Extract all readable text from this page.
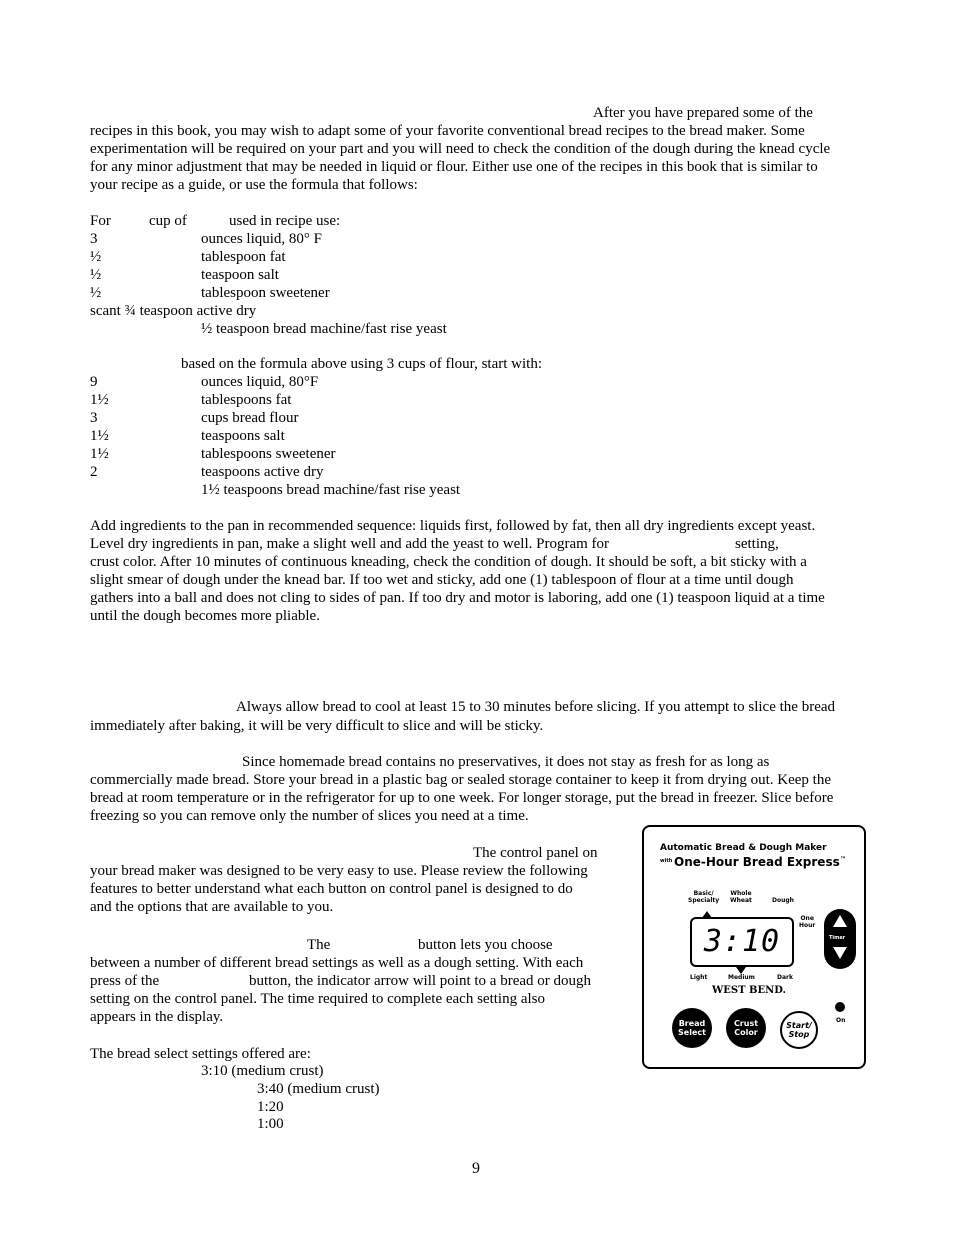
After you have prepared some of the
recipes in this book, you may wish to adapt some of your favorite conventional bread recipes to the bread maker. Some
experimentation will be required on your part and you will need to check the condition of the dough during the knead cycle
for any minor adjustment that may be needed in liquid or flour. Either use one of the recipes in this book that is similar to
your recipe as a guide, or use the formula that follows:
For	cup of	used in recipe use:
3	ounces liquid, 80° F
½	tablespoon fat
½	teaspoon salt
½	tablespoon sweetener
scant ¾ teaspoon active dry
½ teaspoon bread machine/fast rise yeast
based on the formula above using 3 cups of flour, start with:
9	ounces liquid, 80°F
1½	tablespoons fat
3	cups bread flour
1½	teaspoons salt
1½	tablespoons sweetener
2	teaspoons active dry
1½ teaspoons bread machine/fast rise yeast
Add ingredients to the pan in recommended sequence: liquids first, followed by fat, then all dry ingredients except yeast.
Level dry ingredients in pan, make a slight well and add the yeast to well. Program for	setting,
crust color. After 10 minutes of continuous kneading, check the condition of dough. It should be soft, a bit sticky with a
slight smear of dough under the knead bar. If too wet and sticky, add one (1) tablespoon of flour at a time until dough
gathers into a ball and does not cling to sides of pan. If too dry and motor is laboring, add one (1) teaspoon liquid at a time
until the dough becomes more pliable.
Always allow bread to cool at least 15 to 30 minutes before slicing. If you attempt to slice the bread
immediately after baking, it will be very difficult to slice and will be sticky.
Since homemade bread contains no preservatives, it does not stay as fresh for as long as
commercially made bread. Store your bread in a plastic bag or sealed storage container to keep it from drying out. Keep the
bread at room temperature or in the refrigerator for up to one week. For longer storage, put the bread in freezer. Slice before
freezing so you can remove only the number of slices you need at a time.
The control panel on
your bread maker was designed to be very easy to use. Please review the following
features to better understand what each button on control panel is designed to do
and the options that are available to you.
The	button lets you choose
between a number of different bread settings as well as a dough setting. With each
press of the	button, the indicator arrow will point to a bread or dough
setting on the control panel. The time required to complete each setting also
appears in the display.
The bread select settings offered are:
3:10 (medium crust)
3:40 (medium crust)
1:20
1:00
9
Automatic Bread & Dough Maker
with One-Hour Bread Express ™
Basic/
Specialty
Whole
Wheat	Dough
One
Hour
3:10
Light	Medium	Dark
WEST BEND.
Timer
On
Bread
Select
Crust
Color
Start/
Stop
